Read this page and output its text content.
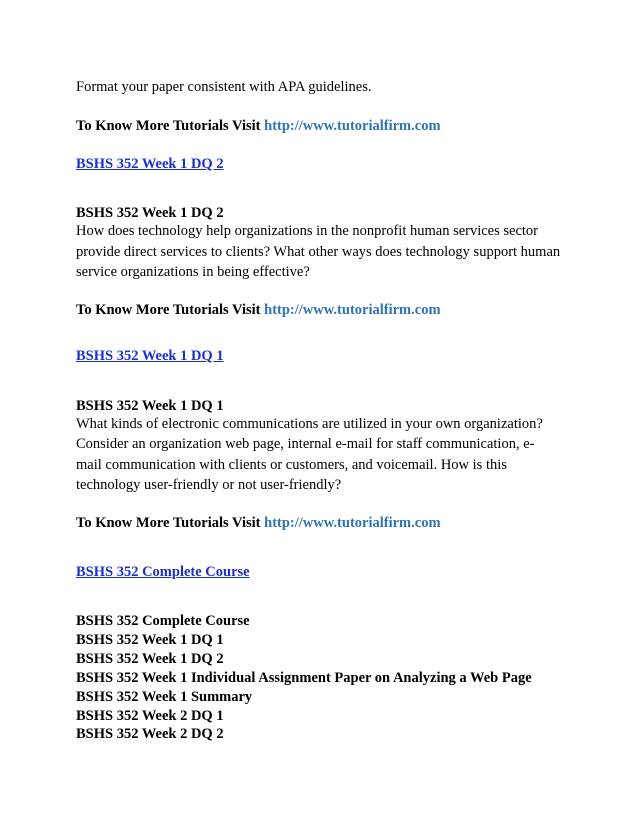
Format your paper consistent with APA guidelines.
To Know More Tutorials Visit http://www.tutorialfirm.com
BSHS 352 Week 1 DQ 2
BSHS 352 Week 1 DQ 2
How does technology help organizations in the nonprofit human services sector
provide direct services to clients? What other ways does technology support human
service organizations in being effective?
To Know More Tutorials Visit http://www.tutorialfirm.com
BSHS 352 Week 1 DQ 1
BSHS 352 Week 1 DQ 1
What kinds of electronic communications are utilized in your own organization?
Consider an organization web page, internal e-mail for staff communication, e-
mail communication with clients or customers, and voicemail. How is this
technology user-friendly or not user-friendly?
To Know More Tutorials Visit http://www.tutorialfirm.com
BSHS 352 Complete Course
BSHS 352 Complete Course
BSHS 352 Week 1 DQ 1
BSHS 352 Week 1 DQ 2
BSHS 352 Week 1 Individual Assignment Paper on Analyzing a Web Page
BSHS 352 Week 1 Summary
BSHS 352 Week 2 DQ 1
BSHS 352 Week 2 DQ 2
